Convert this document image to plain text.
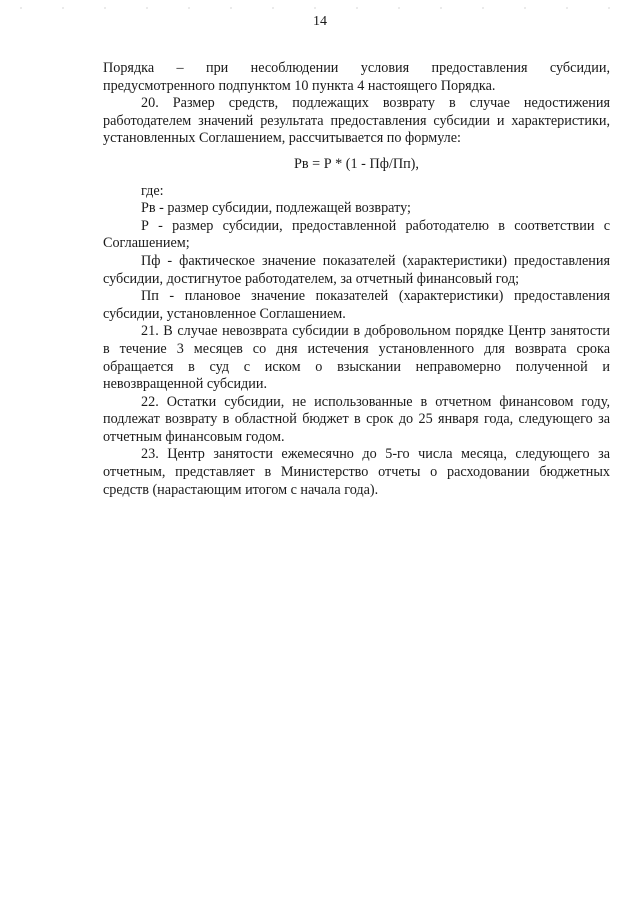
14

Порядка – при несоблюдении условия предоставления субсидии, предусмотренного подпунктом 10 пункта 4 настоящего Порядка.

20. Размер средств, подлежащих возврату в случае недостижения работодателем значений результата предоставления субсидии и характеристики, установленных Соглашением, рассчитывается по формуле:

Рв = Р * (1 - Пф/Пп),

где:

Рв - размер субсидии, подлежащей возврату;

Р - размер субсидии, предоставленной работодателю в соответствии с Соглашением;

Пф - фактическое значение показателей (характеристики) предоставления субсидии, достигнутое работодателем, за отчетный финансовый год;

Пп - плановое значение показателей (характеристики) предоставления субсидии, установленное Соглашением.

21. В случае невозврата субсидии в добровольном порядке Центр занятости в течение 3 месяцев со дня истечения установленного для возврата срока обращается в суд с иском о взыскании неправомерно полученной и невозвращенной субсидии.

22. Остатки субсидии, не использованные в отчетном финансовом году, подлежат возврату в областной бюджет в срок до 25 января года, следующего за отчетным финансовым годом.

23. Центр занятости ежемесячно до 5-го числа месяца, следующего за отчетным, представляет в Министерство отчеты о расходовании бюджетных средств (нарастающим итогом с начала года).
